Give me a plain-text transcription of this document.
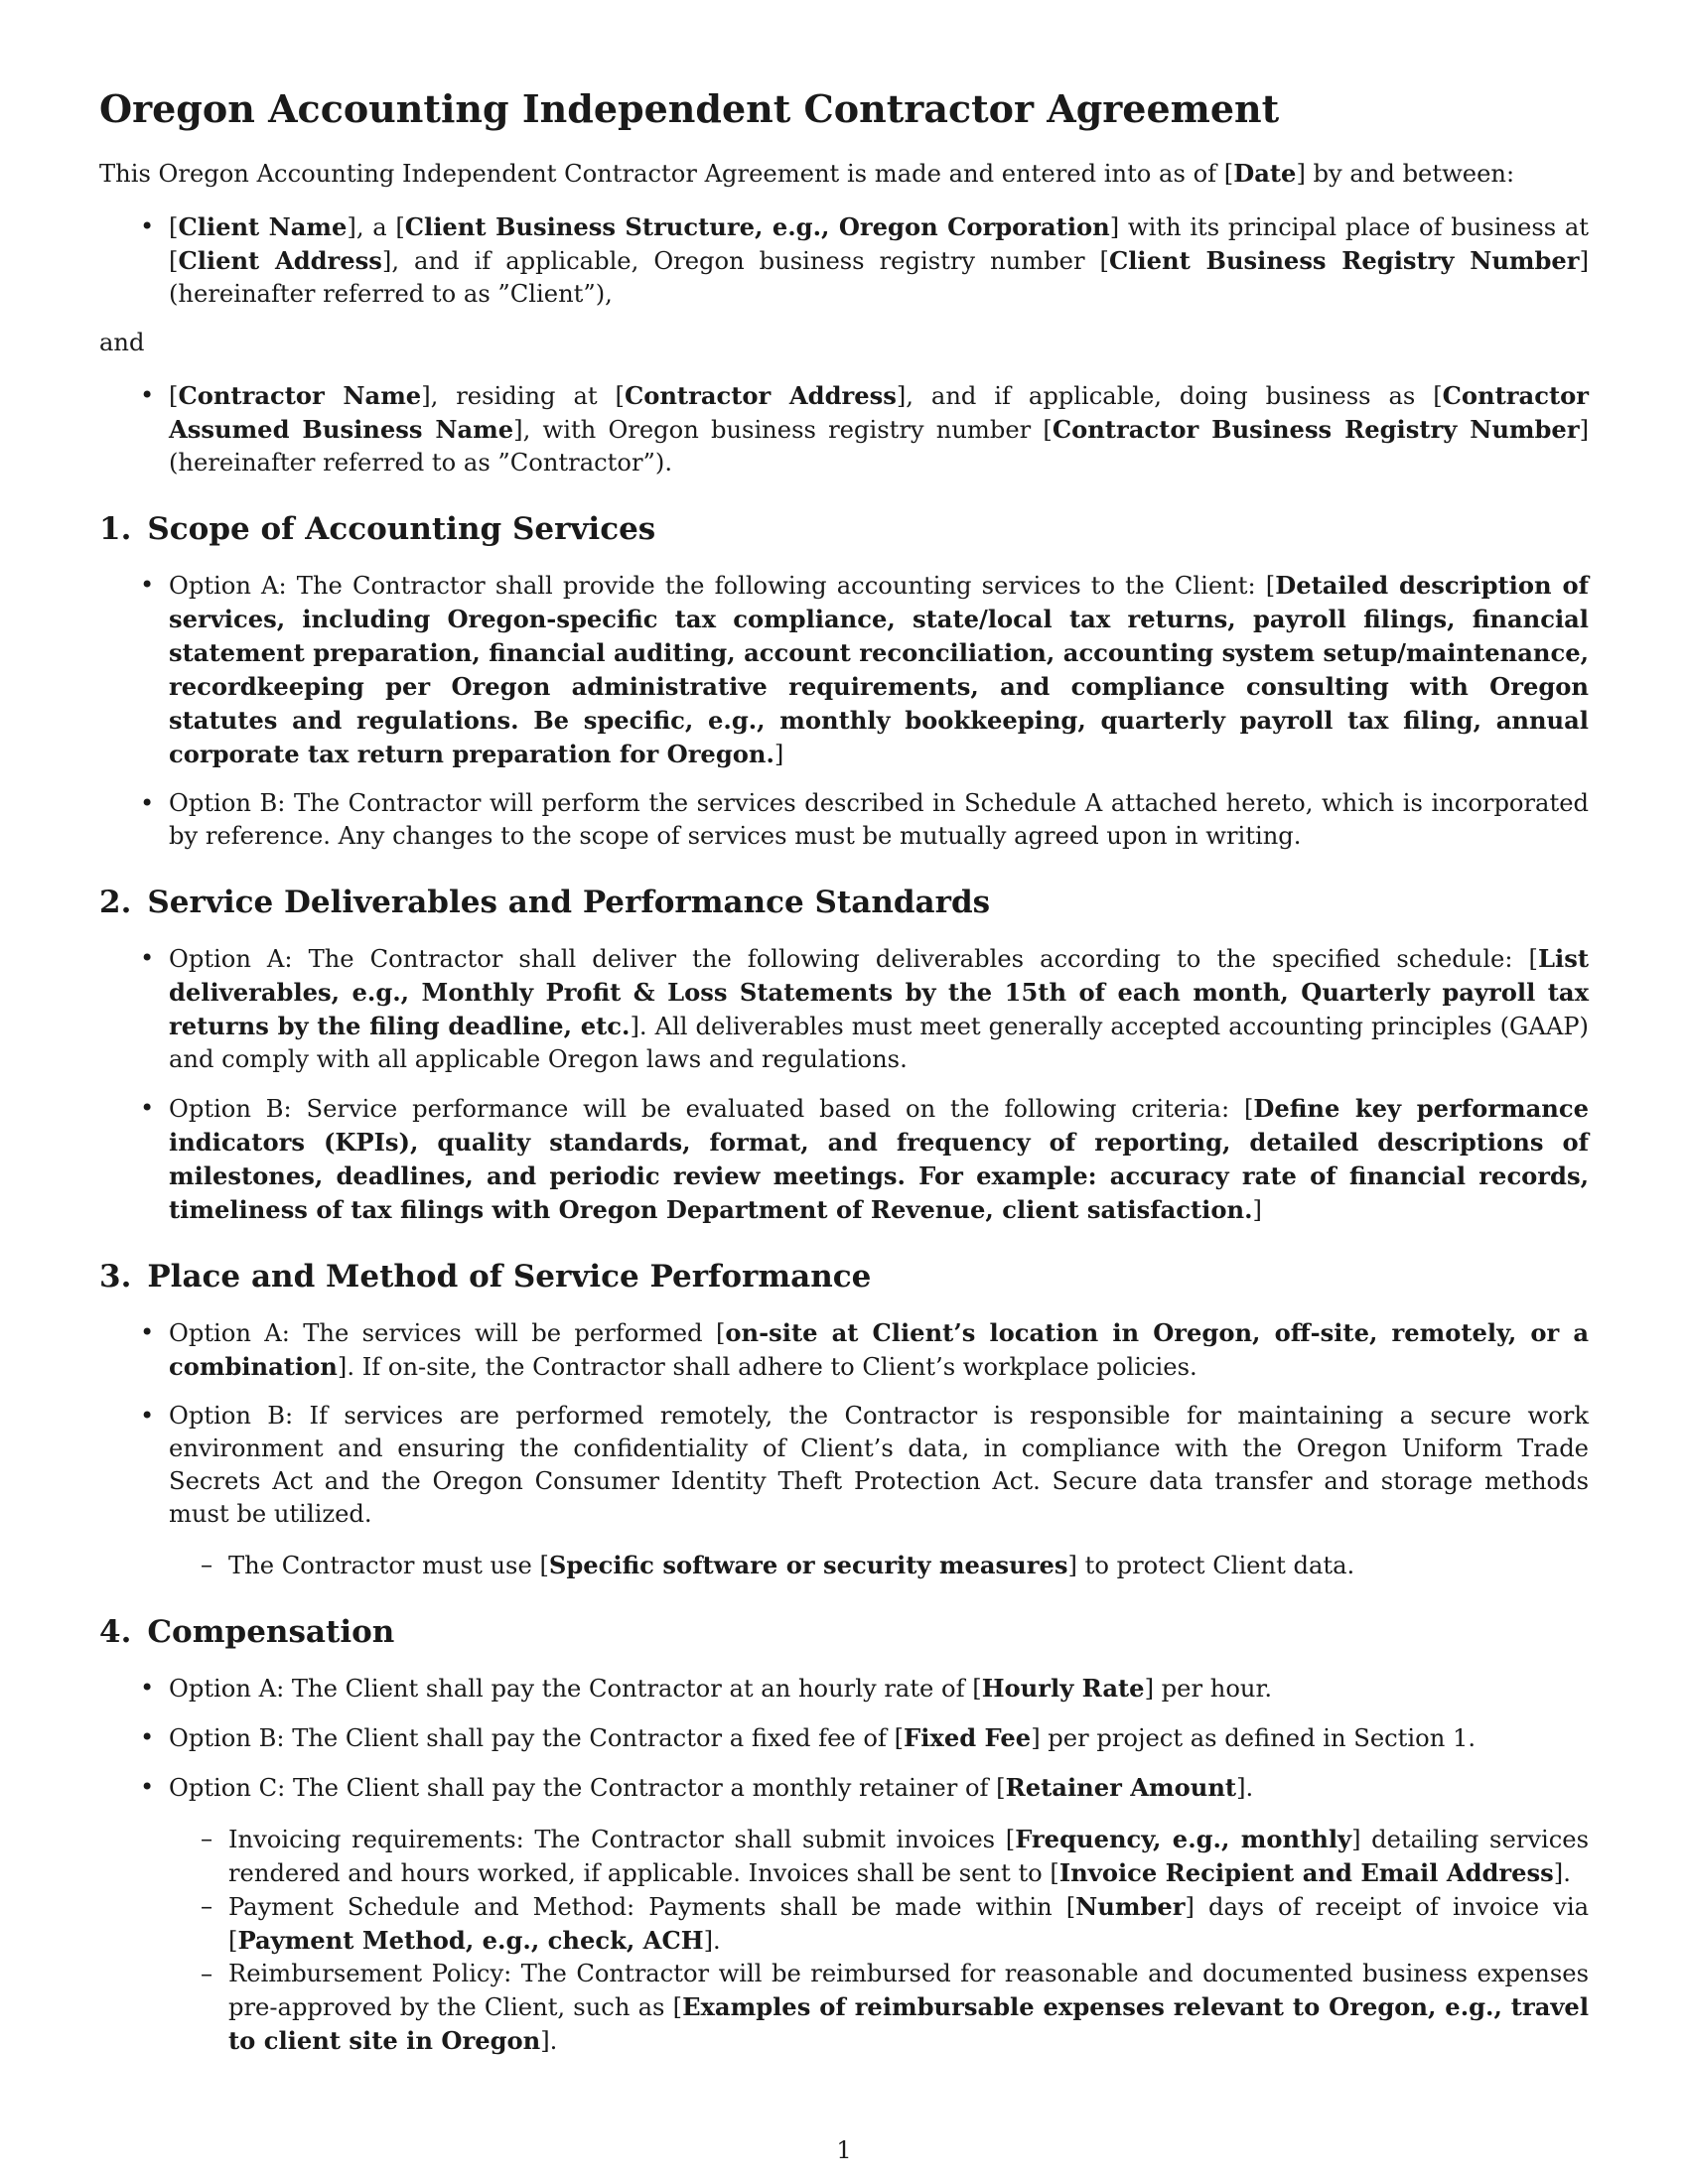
Oregon Accounting Independent Contractor Agreement

This Oregon Accounting Independent Contractor Agreement is made and entered into as of [Date] by and between:

• [Client Name], a [Client Business Structure, e.g., Oregon Corporation] with its principal place of business at [Client Address], and if applicable, Oregon business registry number [Client Business Registry Number] (hereinafter referred to as ”Client”),

and

• [Contractor Name], residing at [Contractor Address], and if applicable, doing business as [Contractor Assumed Business Name], with Oregon business registry number [Contractor Business Registry Number] (hereinafter referred to as ”Contractor”).
1. Scope of Accounting Services
• Option A: The Contractor shall provide the following accounting services to the Client: [Detailed description of services, including Oregon-specific tax compliance, state/local tax returns, payroll filings, financial statement preparation, financial auditing, account reconciliation, accounting system setup/maintenance, recordkeeping per Oregon administrative requirements, and compliance consulting with Oregon statutes and regulations. Be specific, e.g., monthly bookkeeping, quarterly payroll tax filing, annual corporate tax return preparation for Oregon.]
• Option B: The Contractor will perform the services described in Schedule A attached hereto, which is incorporated by reference. Any changes to the scope of services must be mutually agreed upon in writing.
2. Service Deliverables and Performance Standards
• Option A: The Contractor shall deliver the following deliverables according to the specified schedule: [List deliverables, e.g., Monthly Profit & Loss Statements by the 15th of each month, Quarterly payroll tax returns by the filing deadline, etc.]. All deliverables must meet generally accepted accounting principles (GAAP) and comply with all applicable Oregon laws and regulations.
• Option B: Service performance will be evaluated based on the following criteria: [Define key performance indicators (KPIs), quality standards, format, and frequency of reporting, detailed descriptions of milestones, deadlines, and periodic review meetings. For example: accuracy rate of financial records, timeliness of tax filings with Oregon Department of Revenue, client satisfaction.]
3. Place and Method of Service Performance
• Option A: The services will be performed [on-site at Client’s location in Oregon, off-site, remotely, or a combination]. If on-site, the Contractor shall adhere to Client’s workplace policies.
• Option B: If services are performed remotely, the Contractor is responsible for maintaining a secure work environment and ensuring the confidentiality of Client’s data, in compliance with the Oregon Uniform Trade Secrets Act and the Oregon Consumer Identity Theft Protection Act. Secure data transfer and storage methods must be utilized.
– The Contractor must use [Specific software or security measures] to protect Client data.
4. Compensation
• Option A: The Client shall pay the Contractor at an hourly rate of [Hourly Rate] per hour.
• Option B: The Client shall pay the Contractor a fixed fee of [Fixed Fee] per project as defined in Section 1.
• Option C: The Client shall pay the Contractor a monthly retainer of [Retainer Amount].
– Invoicing requirements: The Contractor shall submit invoices [Frequency, e.g., monthly] detailing services rendered and hours worked, if applicable. Invoices shall be sent to [Invoice Recipient and Email Address].
– Payment Schedule and Method: Payments shall be made within [Number] days of receipt of invoice via [Payment Method, e.g., check, ACH].
– Reimbursement Policy: The Contractor will be reimbursed for reasonable and documented business expenses pre-approved by the Client, such as [Examples of reimbursable expenses relevant to Oregon, e.g., travel to client site in Oregon].
1
